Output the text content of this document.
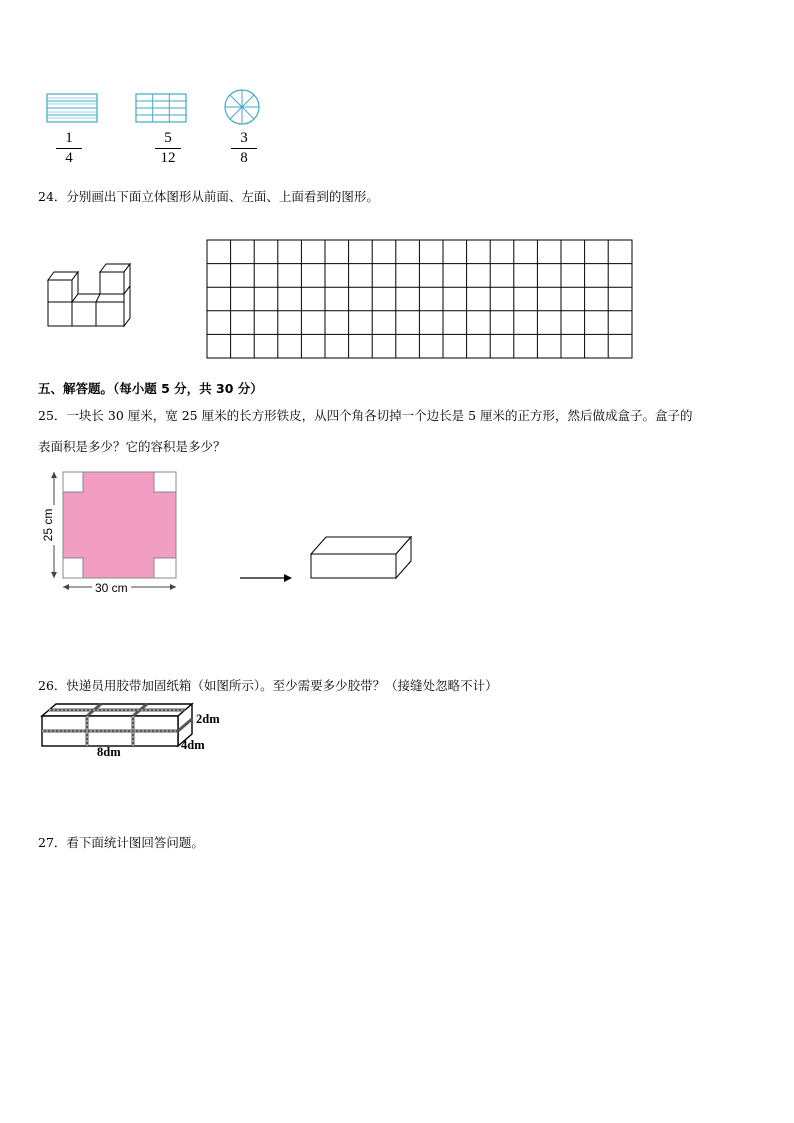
1
4
5
12
3
8
24．分别画出下面立体图形从前面、左面、上面看到的图形。
五、解答题。（每小题 5 分，共 30 分）
25．一块长 30 厘米，宽 25 厘米的长方形铁皮，从四个角各切掉一个边长是 5 厘米的正方形，然后做成盒子。盒子的
表面积是多少？它的容积是多少？
25 cm
30 cm
26．快递员用胶带加固纸箱（如图所示）。至少需要多少胶带？（接缝处忽略不计）
2dm
4dm
8dm
27．看下面统计图回答问题。
